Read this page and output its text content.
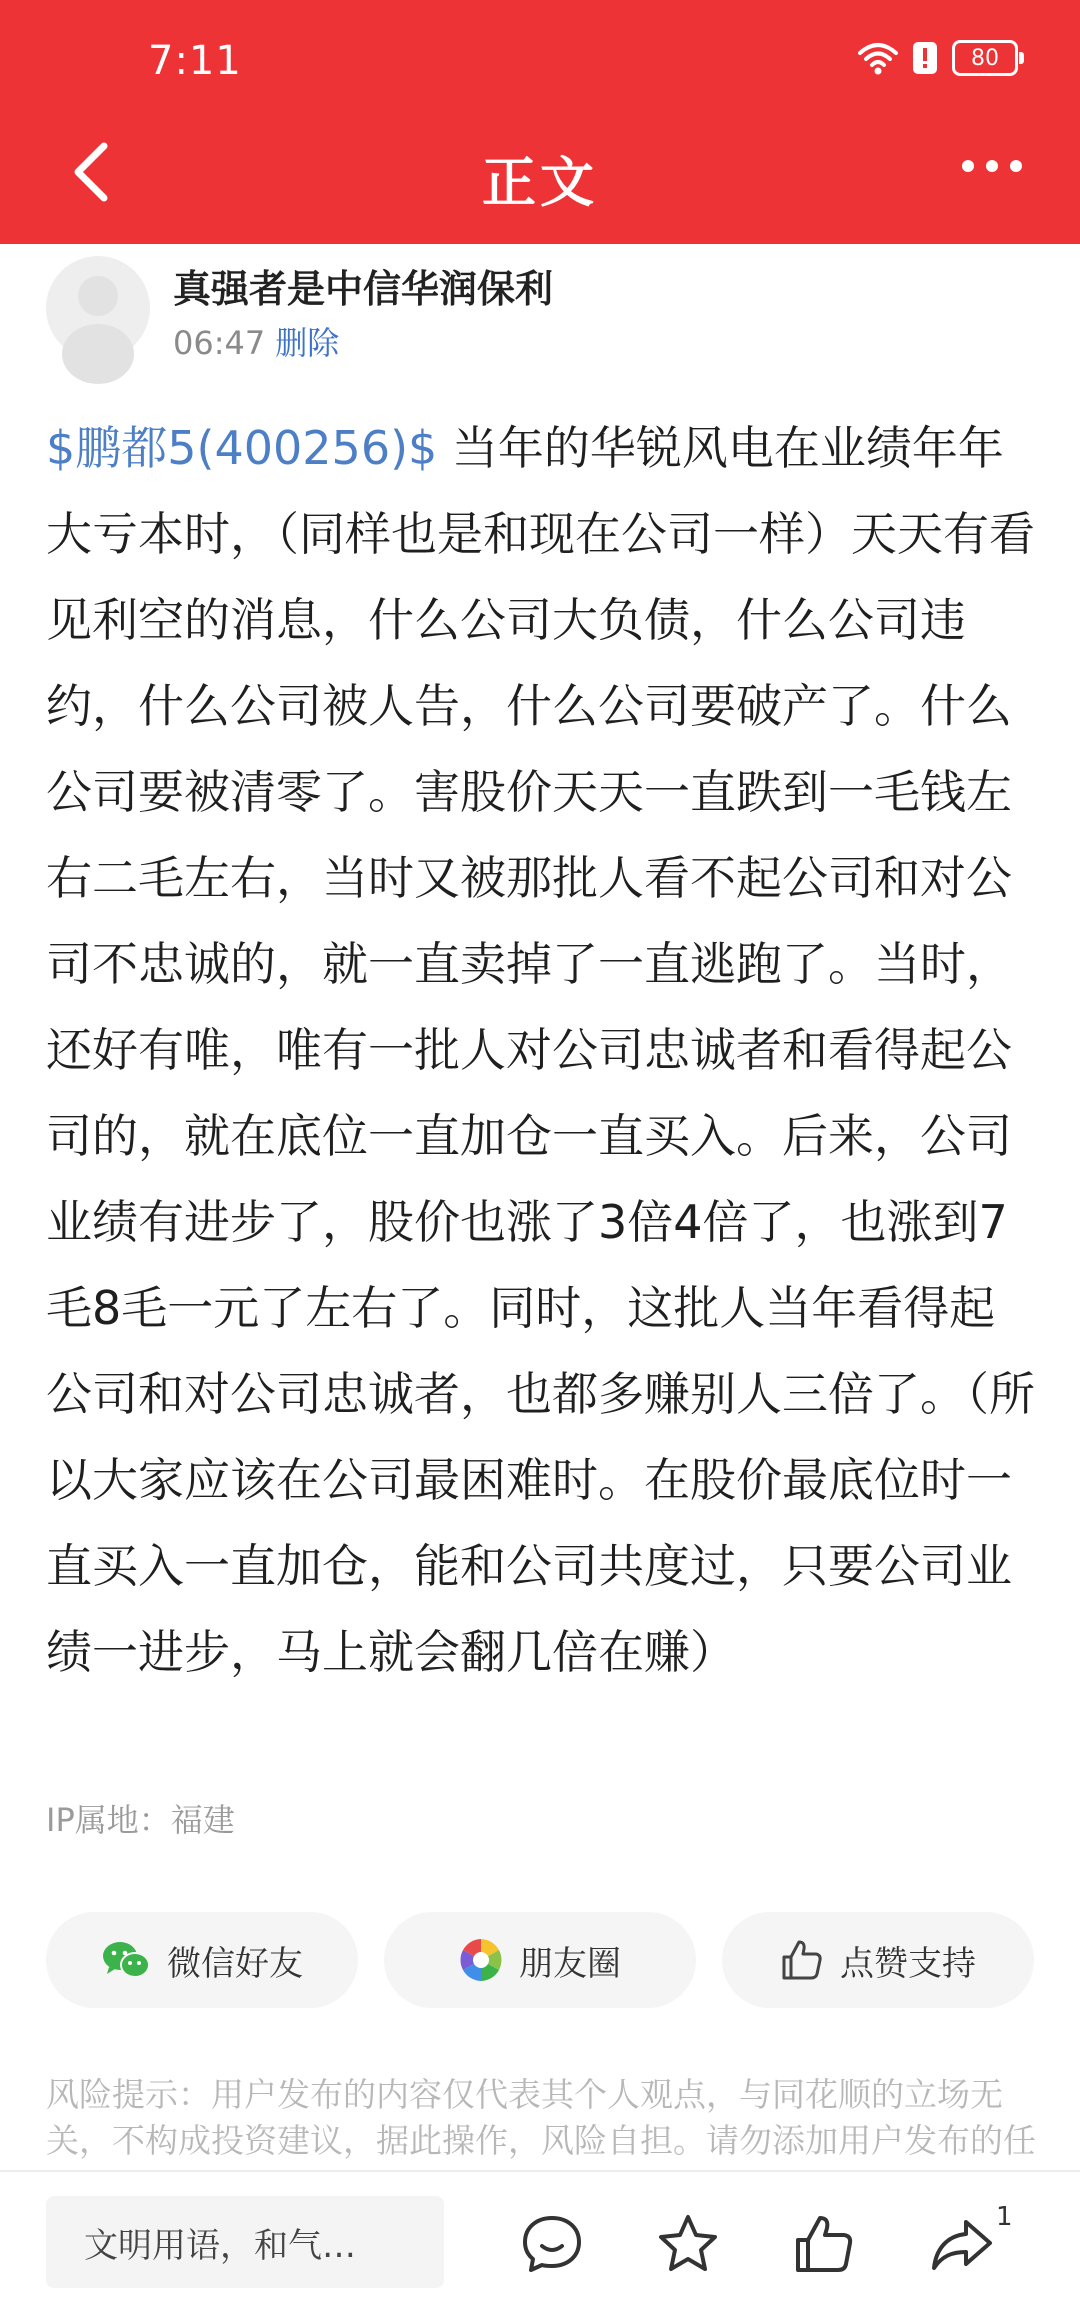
7:11	80
正文
真强者是中信华润保利
06:47 删除
$鹏都5(400256)$ 当年的华锐风电在业绩年年大亏本时，（同样也是和现在公司一样）天天有看见利空的消息，什么公司大负债，什么公司违约，什么公司被人告，什么公司要破产了。什么公司要被清零了。害股价天天一直跌到一毛钱左右二毛左右，当时又被那批人看不起公司和对公司不忠诚的，就一直卖掉了一直逃跑了。当时，还好有唯，唯有一批人对公司忠诚者和看得起公司的，就在底位一直加仓一直买入。后来，公司业绩有进步了，股价也涨了3倍4倍了，也涨到7毛8毛一元了左右了。同时，这批人当年看得起公司和对公司忠诚者，也都多赚别人三倍了。（所以大家应该在公司最困难时。在股价最底位时一直买入一直加仓，能和公司共度过，只要公司业绩一进步，马上就会翻几倍在赚）
IP属地：福建
微信好友	朋友圈	点赞支持
风险提示：用户发布的内容仅代表其个人观点，与同花顺的立场无关，不构成投资建议，据此操作，风险自担。请勿添加用户发布的任
文明用语，和气…
1
